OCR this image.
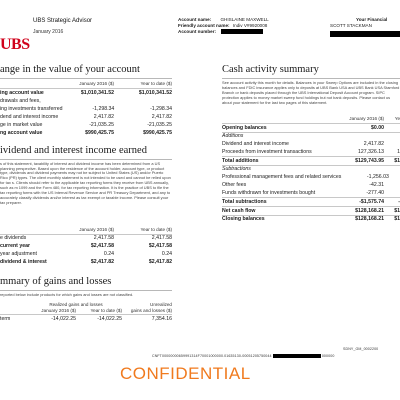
UBS
UBS Strategic Advisor
January 2016
Account name: GHISLAINE MAXWELL
Friendly account name: Indiv V#9920008
Account number:
Your Financial
SCOTT STACKMAN
ange in the value of your account
January 2016 ($)	Year to date ($)
ing account value	$1,010,341.52	$1,010,341.52
drawals and fees,
ing investments transferred	-1,298.34	-1,298.34
dend and interest income	2,417.82	2,417.82
ge in market value	-21,035.25	-21,035.25
ng account value	$990,425.75	$990,425.75
ividend and interest income earned
s of this statement, taxability of interest and dividend income has been determined from a US planning perspective. Based upon the residence of the account holder, account type, or product type, dividends and dividend payments may not be subject to United States (US) and/or Puerto Rico (PR) types. The client monthly statement is not intended to be used and cannot be relied upon for tax s. Clients should refer to the applicable tax reporting forms they receive from UBS annually, such as m 1099 and the Form 480, for tax reporting information. It is the practice of UBS to file the tax reporting forms with the US Internal Revenue Service and PR Treasury Department, and any to accurately classify dividends and/or interest as tax exempt or taxable income. Please consult your tax preparer.
January 2016 ($)	Year to date ($)
e dividends	2,417.58	2,417.58
current year	$2,417.58	$2,417.58
year adjustment	0.24	0.24
dividend & interest	$2,417.82	$2,417.82
mmary of gains and losses
reported below include products for which gains and losses are not classified.
Realized gains and losses	Unrealized
January 2016 ($)	Year to date ($)	gains and losses ($)
term	-14,022.25	-14,022.25	7,354.16
Cash activity summary
See account activity this month for details. Balances in your Sweep Options are included in the closing balances and FDIC insurance applies only to deposits at UBS Bank USA and UBS Bank USA Stamford Branch or bank deposits placed through the UBS International Deposit Account program. SIPC protection applies to money market sweep fund holdings but not bank deposits. Please contact us about your statement for the last two pages of this statement.
January 2016 ($)	Ye
Opening balances	$0.00
Additions
Dividend and interest income	2,417.82
Proceeds from investment transactions	127,326.13	1
Total additions	$129,743.95	$1
Subtractions
Professional management fees and related services	-1,256.03
Other fees	-42.31
Funds withdrawn for investments bought	-277.40
Total subtractions	-$1,575.74	-
Net cash flow	$128,168.21	$1
Closing balances	$128,168.21	$1
SDNY_GM_0002200
CNFT00000000659991314F70001000000.01635130-00051205750044	000000
CONFIDENTIAL
